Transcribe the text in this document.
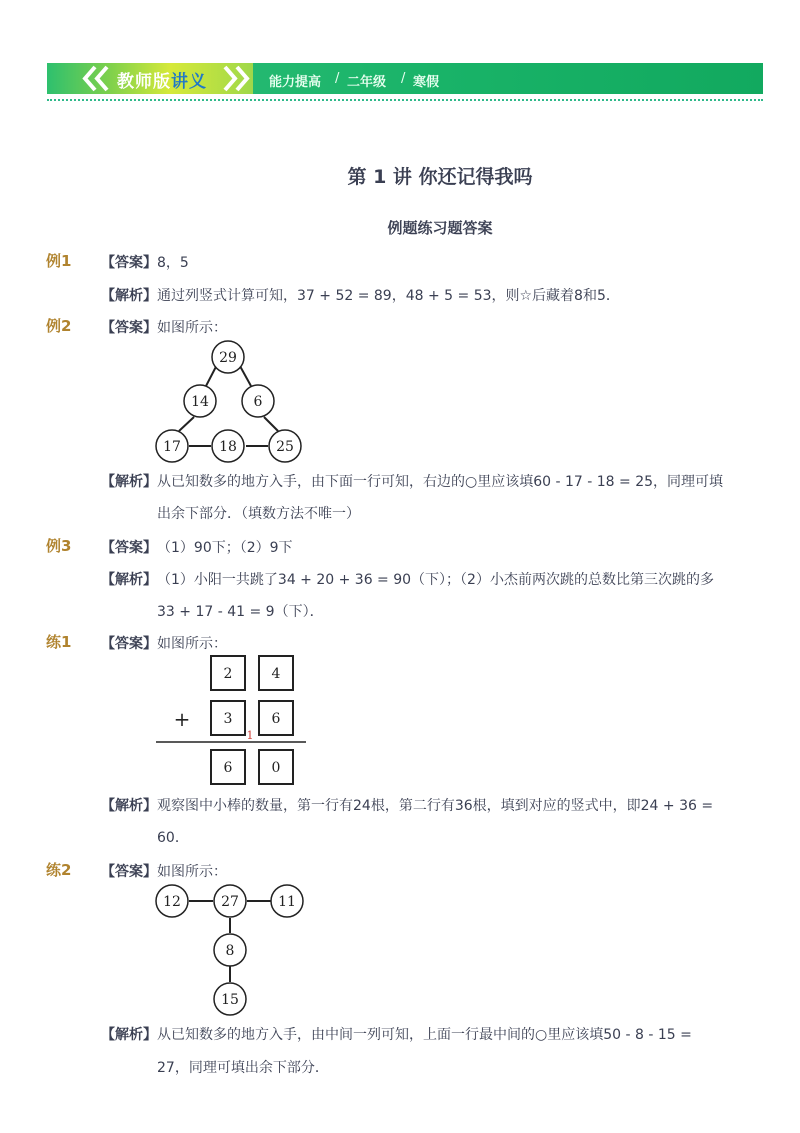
教师版讲义	能力提高 / 二年级 / 寒假
第 1 讲 你还记得我吗
例题练习题答案
例1 【答案】 8，5
【解析】 通过列竖式计算可知，37 + 52 = 89，48 + 5 = 53，则☆后藏着8和5．
例2 【答案】 如图所示：
29
14	6
17	18	25
【解析】 从已知数多的地方入手，由下面一行可知，右边的○里应该填60 - 17 - 18 = 25，同理可填
出余下部分．（填数方法不唯一）
例3 【答案】 （1）90下；（2）9下
【解析】 （1）小阳一共跳了34 + 20 + 36 = 90（下）；（2）小杰前两次跳的总数比第三次跳的多
33 + 17 - 41 = 9（下）．
练1 【答案】 如图所示：
2	4
3	6
6	0
+
1
【解析】 观察图中小棒的数量，第一行有24根，第二行有36根，填到对应的竖式中，即24 + 36 =
60．
练2 【答案】 如图所示：
12	27	11
8
15
【解析】 从已知数多的地方入手，由中间一列可知，上面一行最中间的○里应该填50 - 8 - 15 =
27，同理可填出余下部分．
